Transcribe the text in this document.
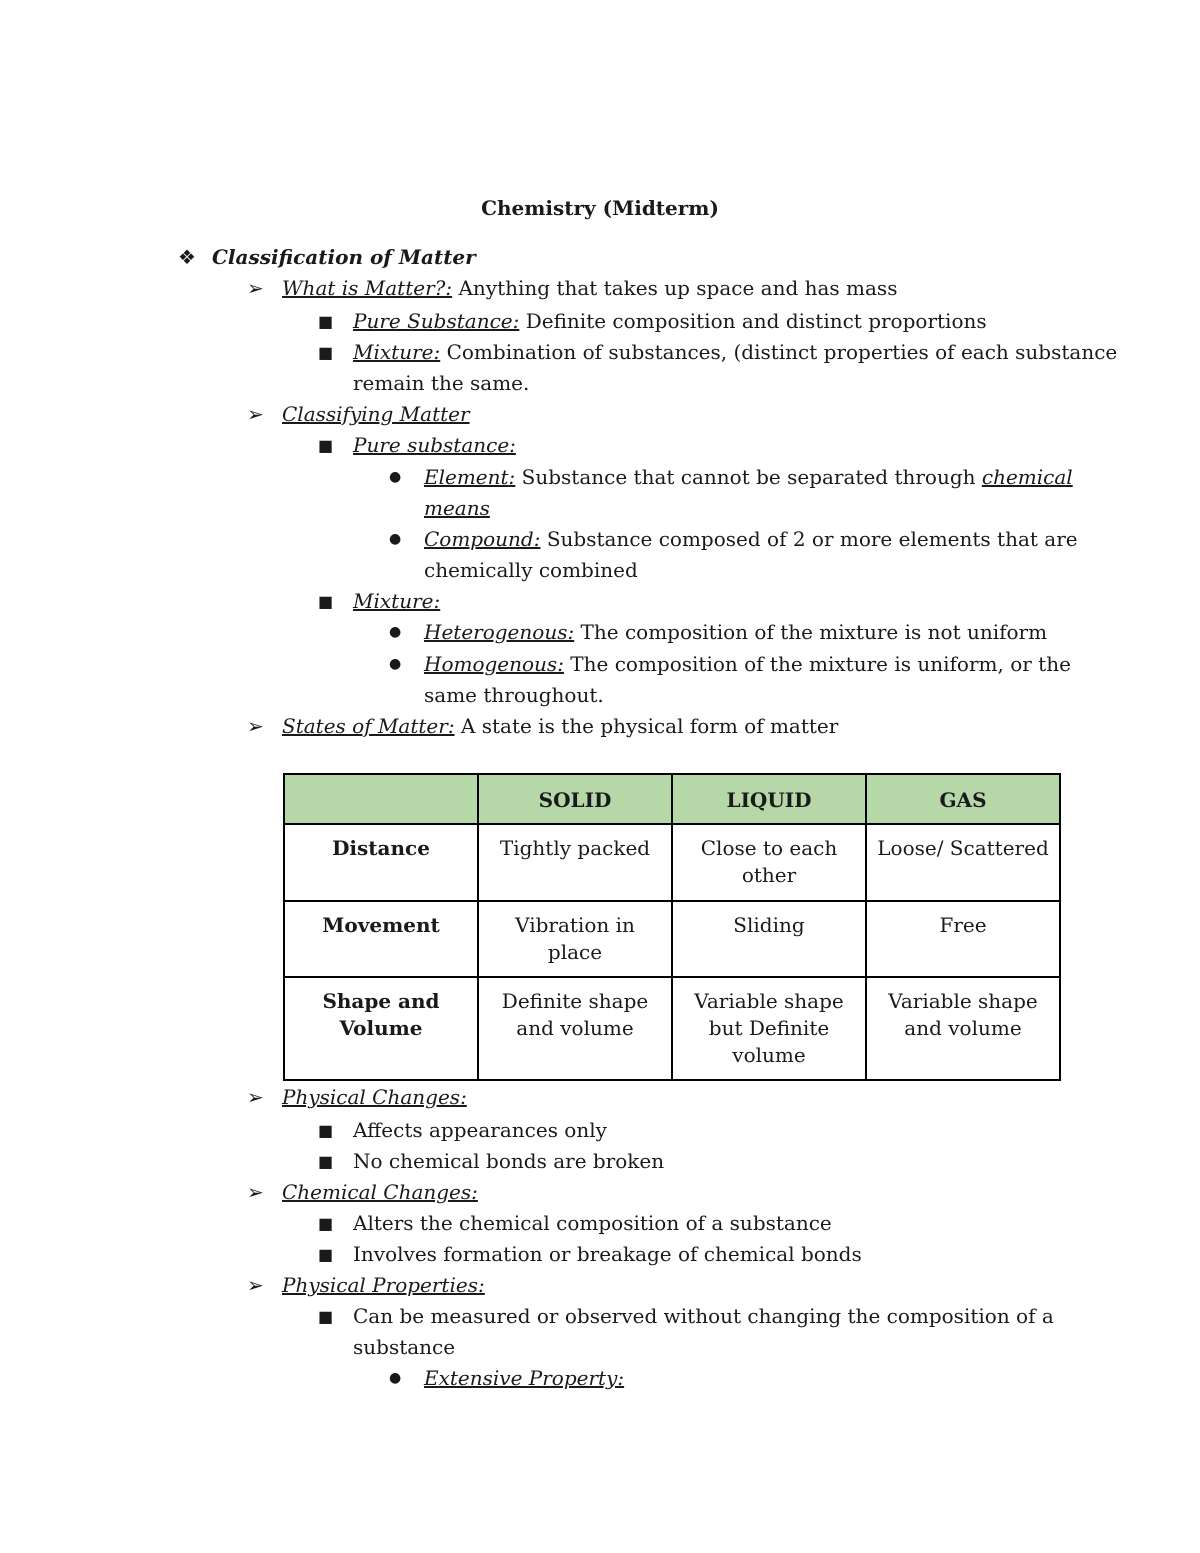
Chemistry (Midterm)
❖ Classification of Matter
➢ What is Matter?: Anything that takes up space and has mass
■ Pure Substance: Definite composition and distinct proportions
■ Mixture: Combination of substances, (distinct properties of each substance
remain the same.
➢ Classifying Matter
■ Pure substance:
● Element: Substance that cannot be separated through chemical
means
● Compound: Substance composed of 2 or more elements that are
chemically combined
■ Mixture:
● Heterogenous: The composition of the mixture is not uniform
● Homogenous: The composition of the mixture is uniform, or the
same throughout.
➢ States of Matter: A state is the physical form of matter
	SOLID	LIQUID	GAS
Distance	Tightly packed	Close to each other	Loose/ Scattered
Movement	Vibration in place	Sliding	Free
Shape and Volume	Definite shape and volume	Variable shape but Definite volume	Variable shape and volume
➢ Physical Changes:
■ Affects appearances only
■ No chemical bonds are broken
➢ Chemical Changes:
■ Alters the chemical composition of a substance
■ Involves formation or breakage of chemical bonds
➢ Physical Properties:
■ Can be measured or observed without changing the composition of a
substance
● Extensive Property:
